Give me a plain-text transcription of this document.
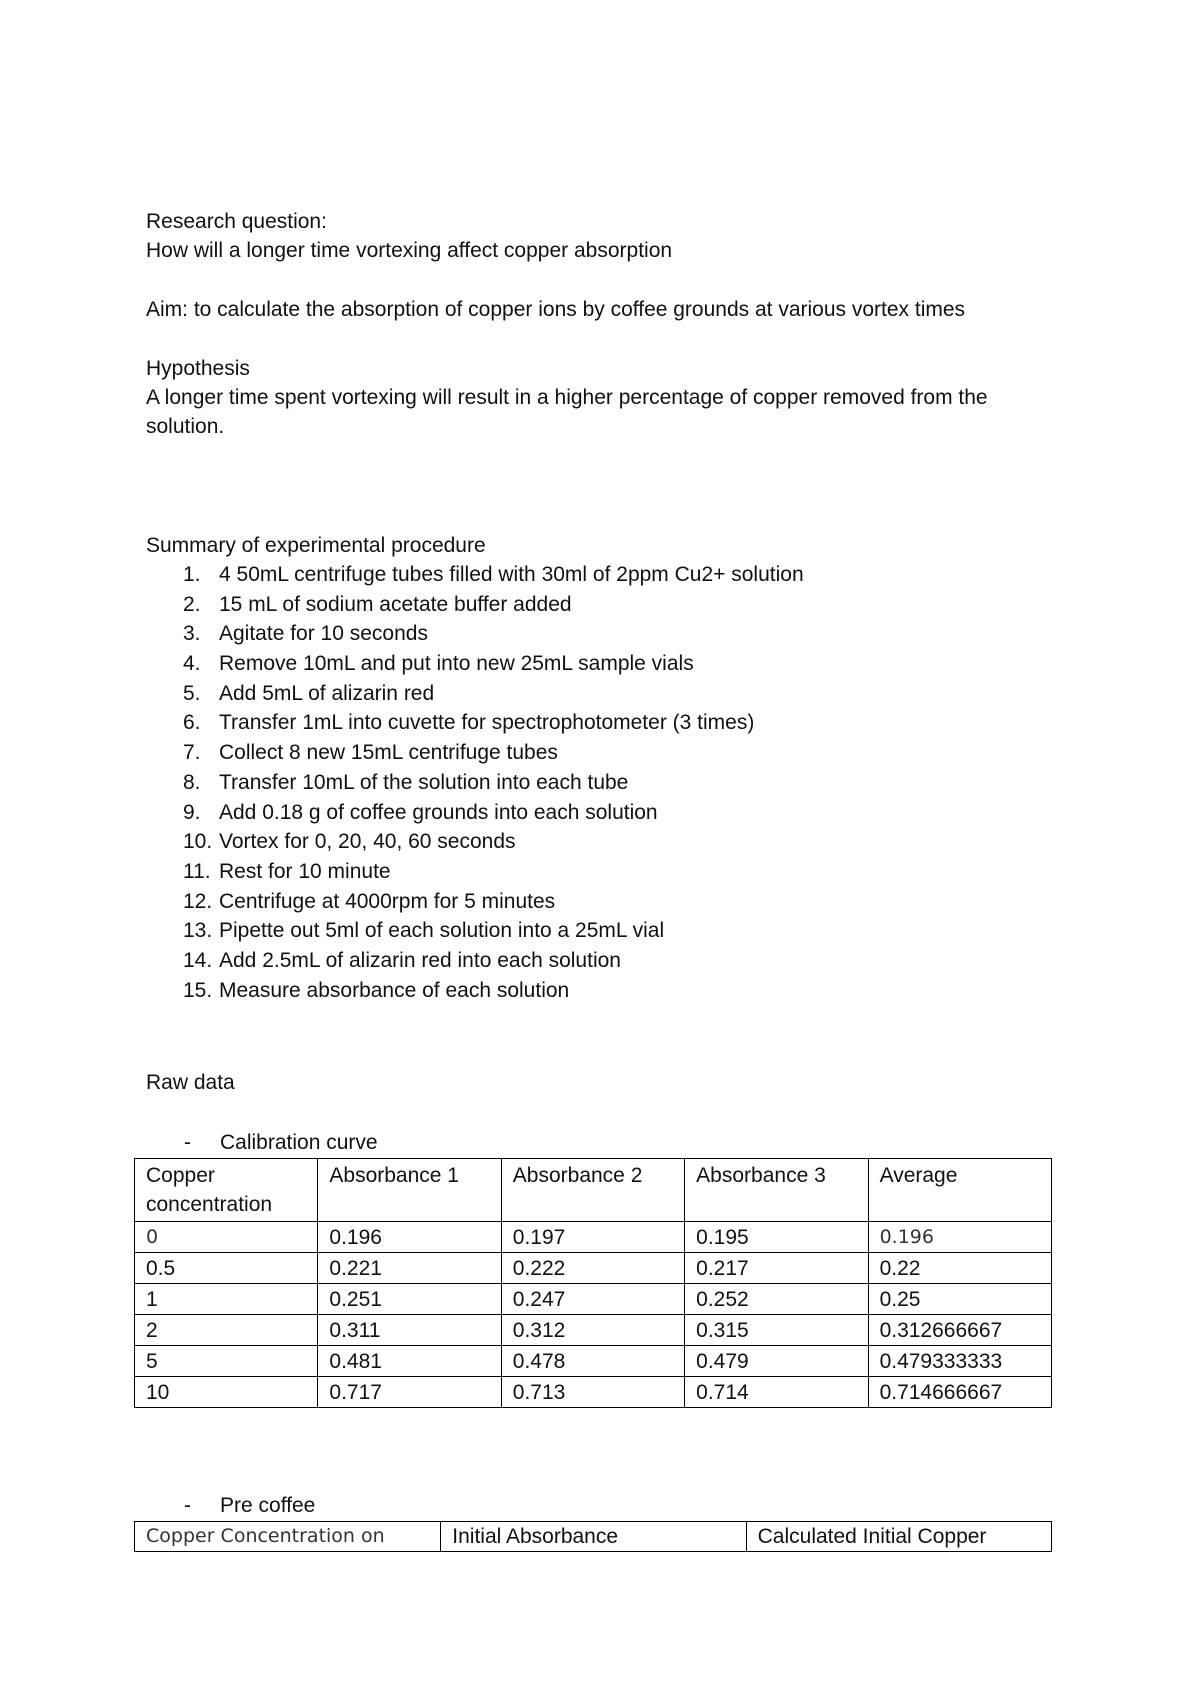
Research question:
How will a longer time vortexing affect copper absorption
Aim: to calculate the absorption of copper ions by coffee grounds at various vortex times
Hypothesis
A longer time spent vortexing will result in a higher percentage of copper removed from the
solution.
Summary of experimental procedure
1. 4 50mL centrifuge tubes filled with 30ml of 2ppm Cu2+ solution
2. 15 mL of sodium acetate buffer added
3. Agitate for 10 seconds
4. Remove 10mL and put into new 25mL sample vials
5. Add 5mL of alizarin red
6. Transfer 1mL into cuvette for spectrophotometer (3 times)
7. Collect 8 new 15mL centrifuge tubes
8. Transfer 10mL of the solution into each tube
9. Add 0.18 g of coffee grounds into each solution
10. Vortex for 0, 20, 40, 60 seconds
11. Rest for 10 minute
12. Centrifuge at 4000rpm for 5 minutes
13. Pipette out 5ml of each solution into a 25mL vial
14. Add 2.5mL of alizarin red into each solution
15. Measure absorbance of each solution
Raw data
- Calibration curve
Copper concentration	Absorbance 1	Absorbance 2	Absorbance 3	Average
0	0.196	0.197	0.195	0.196
0.5	0.221	0.222	0.217	0.22
1	0.251	0.247	0.252	0.25
2	0.311	0.312	0.315	0.312666667
5	0.481	0.478	0.479	0.479333333
10	0.717	0.713	0.714	0.714666667
- Pre coffee
Copper Concentration on	Initial Absorbance	Calculated Initial Copper
